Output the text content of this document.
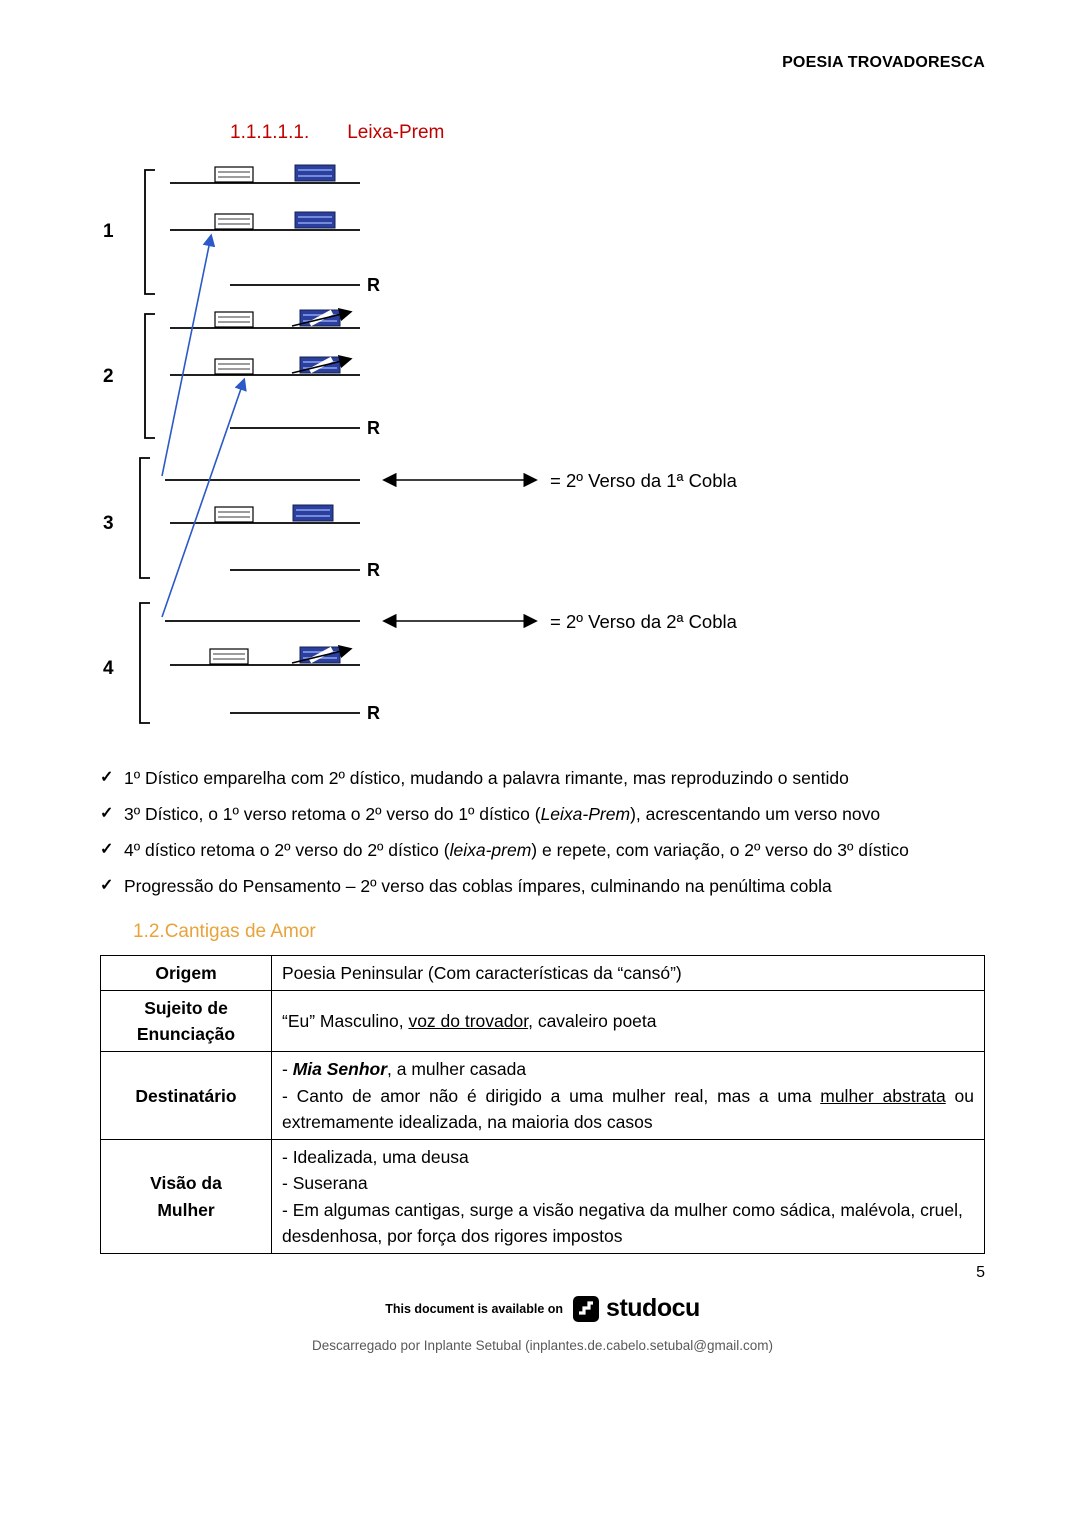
POESIA TROVADORESCA
1.1.1.1.1. Leixa-Prem
1
R
2
R
3
= 2º Verso da 1ª Cobla
R
4
= 2º Verso da 2ª Cobla
R
✓ 1º Dístico emparelha com 2º dístico, mudando a palavra rimante, mas reproduzindo o sentido
✓ 3º Dístico, o 1º verso retoma o 2º verso do 1º dístico (Leixa-Prem), acrescentando um verso novo
✓ 4º dístico retoma o 2º verso do 2º dístico (leixa-prem) e repete, com variação, o 2º verso do 3º dístico
✓ Progressão do Pensamento – 2º verso das coblas ímpares, culminando na penúltima cobla
1.2.Cantigas de Amor
Origem	Poesia Peninsular (Com características da “cansó”)

Sujeito de Enunciação	“Eu” Masculino, voz do trovador, cavaleiro poeta

Destinatário	- Mia Senhor, a mulher casada
- Canto de amor não é dirigido a uma mulher real, mas a uma mulher abstrata ou extremamente idealizada, na maioria dos casos

Visão da Mulher	- Idealizada, uma deusa
- Suserana
- Em algumas cantigas, surge a visão negativa da mulher como sádica, malévola, cruel, desdenhosa, por força dos rigores impostos
5
This document is available on studocu
Descarregado por Inplante Setubal (inplantes.de.cabelo.setubal@gmail.com)
